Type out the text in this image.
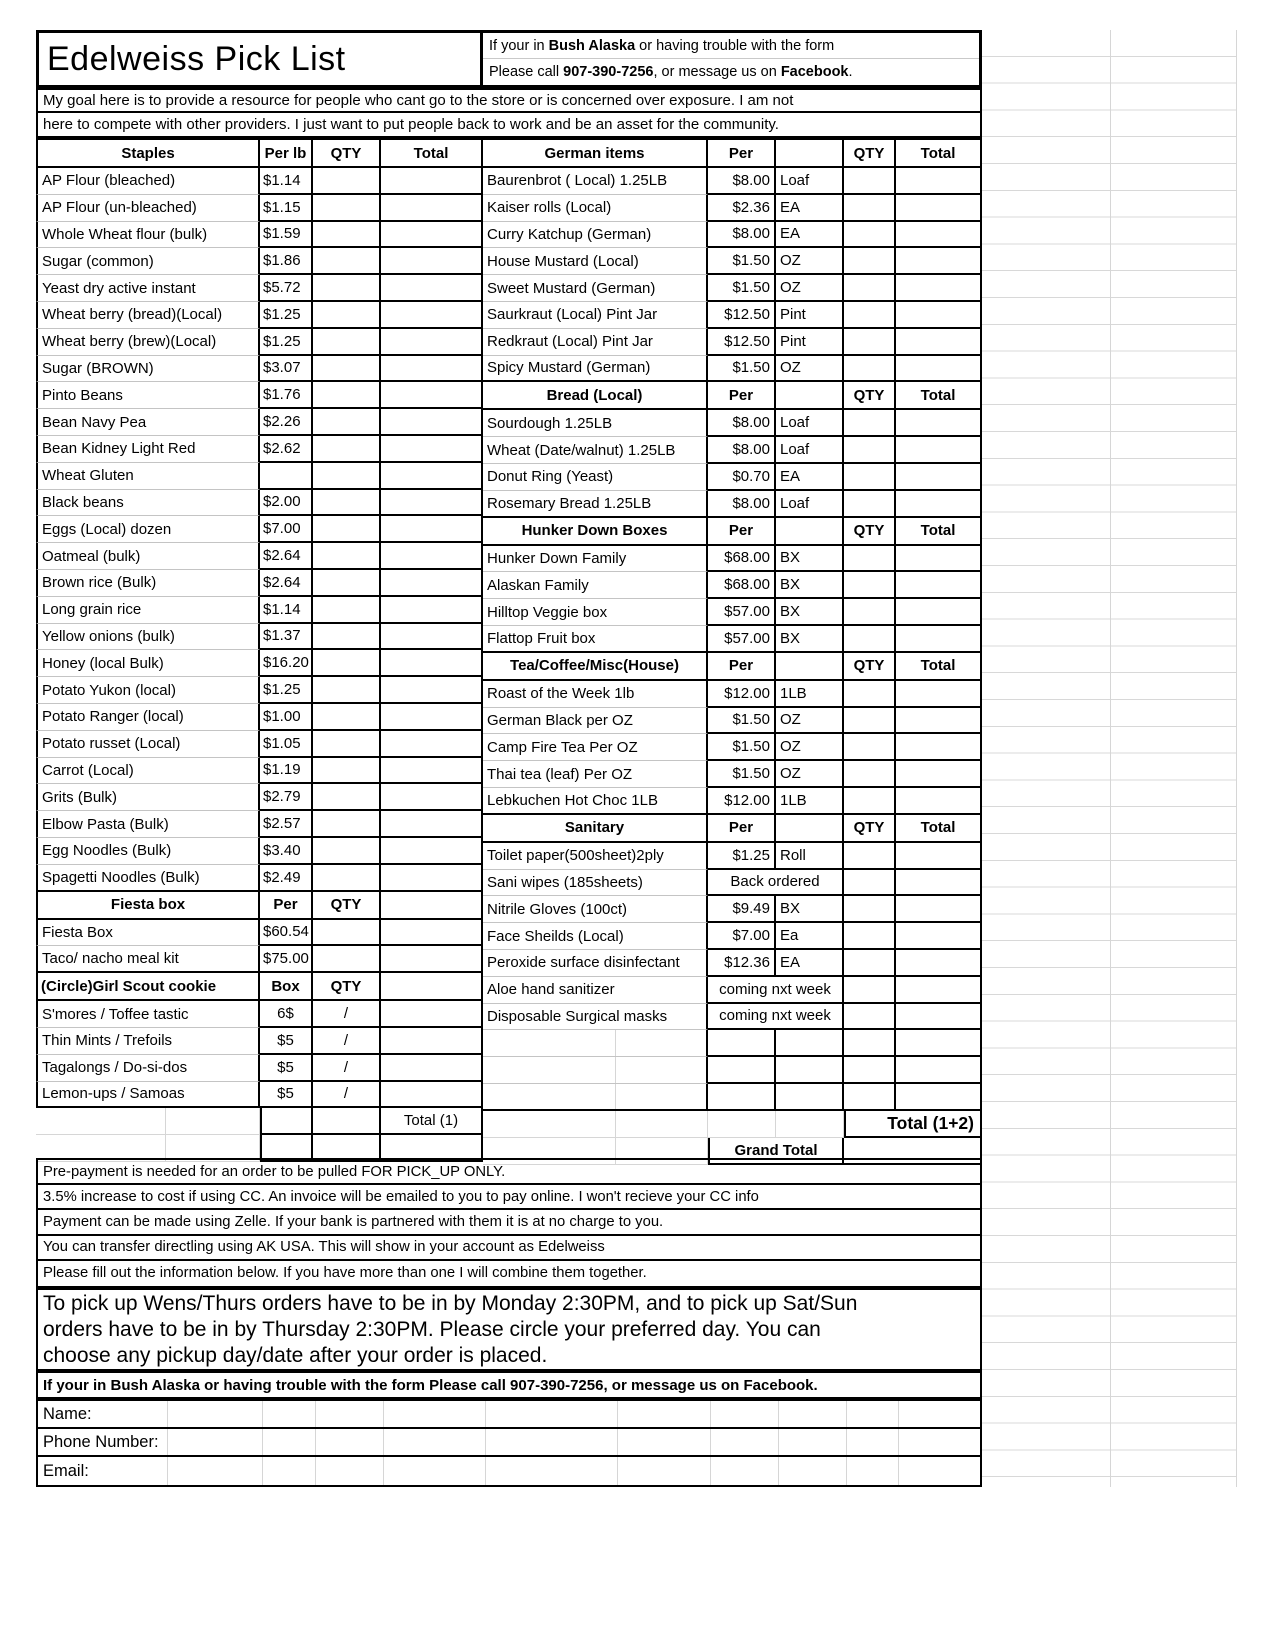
Edelweiss Pick List	If your in Bush Alaska or having trouble with the form
Please call 907-390-7256 , or message us on Facebook .
My goal here is to provide a resource for people who cant go to the store or is concerned over exposure. I am not
here to compete with other providers. I just want to put people back to work and be an asset for the community.
Staples	Per lb	QTY	Total
AP Flour (bleached)	$1.14
AP Flour (un-bleached)	$1.15
Whole Wheat flour (bulk)	$1.59
Sugar (common)	$1.86
Yeast dry active instant	$5.72
Wheat berry (bread)(Local)	$1.25
Wheat berry (brew)(Local)	$1.25
Sugar (BROWN)	$3.07
Pinto Beans	$1.76
Bean Navy Pea	$2.26
Bean Kidney Light Red	$2.62
Wheat Gluten
Black beans	$2.00
Eggs (Local) dozen	$7.00
Oatmeal (bulk)	$2.64
Brown rice (Bulk)	$2.64
Long grain rice	$1.14
Yellow onions (bulk)	$1.37
Honey (local Bulk)	$16.20
Potato Yukon (local)	$1.25
Potato Ranger (local)	$1.00
Potato russet (Local)	$1.05
Carrot (Local)	$1.19
Grits (Bulk)	$2.79
Elbow Pasta (Bulk)	$2.57
Egg Noodles (Bulk)	$3.40
Spagetti Noodles (Bulk)	$2.49
Fiesta box	Per	QTY
Fiesta Box	$60.54
Taco/ nacho meal kit	$75.00
(Circle)Girl Scout cookie	Box	QTY
S'mores / Toffee tastic	6$	/
Thin Mints / Trefoils	$5	/
Tagalongs / Do-si-dos	$5	/
Lemon-ups / Samoas	$5	/
Total (1)
German items	Per	QTY	Total
Baurenbrot ( Local) 1.25LB	$8.00 Loaf
Kaiser rolls (Local)	$2.36 EA
Curry Katchup (German)	$8.00 EA
House Mustard (Local)	$1.50 OZ
Sweet Mustard (German)	$1.50 OZ
Saurkraut (Local) Pint Jar	$12.50 Pint
Redkraut (Local) Pint Jar	$12.50 Pint
Spicy Mustard (German)	$1.50 OZ
Bread (Local)	Per	QTY	Total
Sourdough 1.25LB	$8.00 Loaf
Wheat (Date/walnut) 1.25LB	$8.00 Loaf
Donut Ring (Yeast)	$0.70 EA
Rosemary Bread 1.25LB	$8.00 Loaf
Hunker Down Boxes	Per	QTY	Total
Hunker Down Family	$68.00 BX
Alaskan Family	$68.00 BX
Hilltop Veggie box	$57.00 BX
Flattop Fruit box	$57.00 BX
Tea/Coffee/Misc(House)	Per	QTY	Total
Roast of the Week 1lb	$12.00 1LB
German Black per OZ	$1.50 OZ
Camp Fire Tea Per OZ	$1.50 OZ
Thai tea (leaf) Per OZ	$1.50 OZ
Lebkuchen Hot Choc 1LB	$12.00 1LB
Sanitary	Per	QTY	Total
Toilet paper(500sheet)2ply	$1.25 Roll
Sani wipes (185sheets)	Back ordered
Nitrile Gloves (100ct)	$9.49 BX
Face Sheilds (Local)	$7.00 Ea
Peroxide surface disinfectant	$12.36 EA
Aloe hand sanitizer	coming nxt week
Disposable Surgical masks	coming nxt week
Total (1+2)
Grand Total
Pre-payment is needed for an order to be pulled FOR PICK_UP ONLY.
3.5% increase to cost if using CC. An invoice will be emailed to you to pay online. I won't recieve your CC info
Payment can be made using Zelle. If your bank is partnered with them it is at no charge to you.
You can transfer directling using AK USA. This will show in your account as Edelweiss
Please fill out the information below. If you have more than one I will combine them together.
To pick up Wens/Thurs orders have to be in by Monday 2:30PM, and to pick up Sat/Sun
orders have to be in by Thursday 2:30PM. Please circle your preferred day. You can
choose any pickup day/date after your order is placed.
If your in Bush Alaska or having trouble with the form Please call 907-390-7256, or message us on Facebook.
Name:
Phone Number:
Email:
